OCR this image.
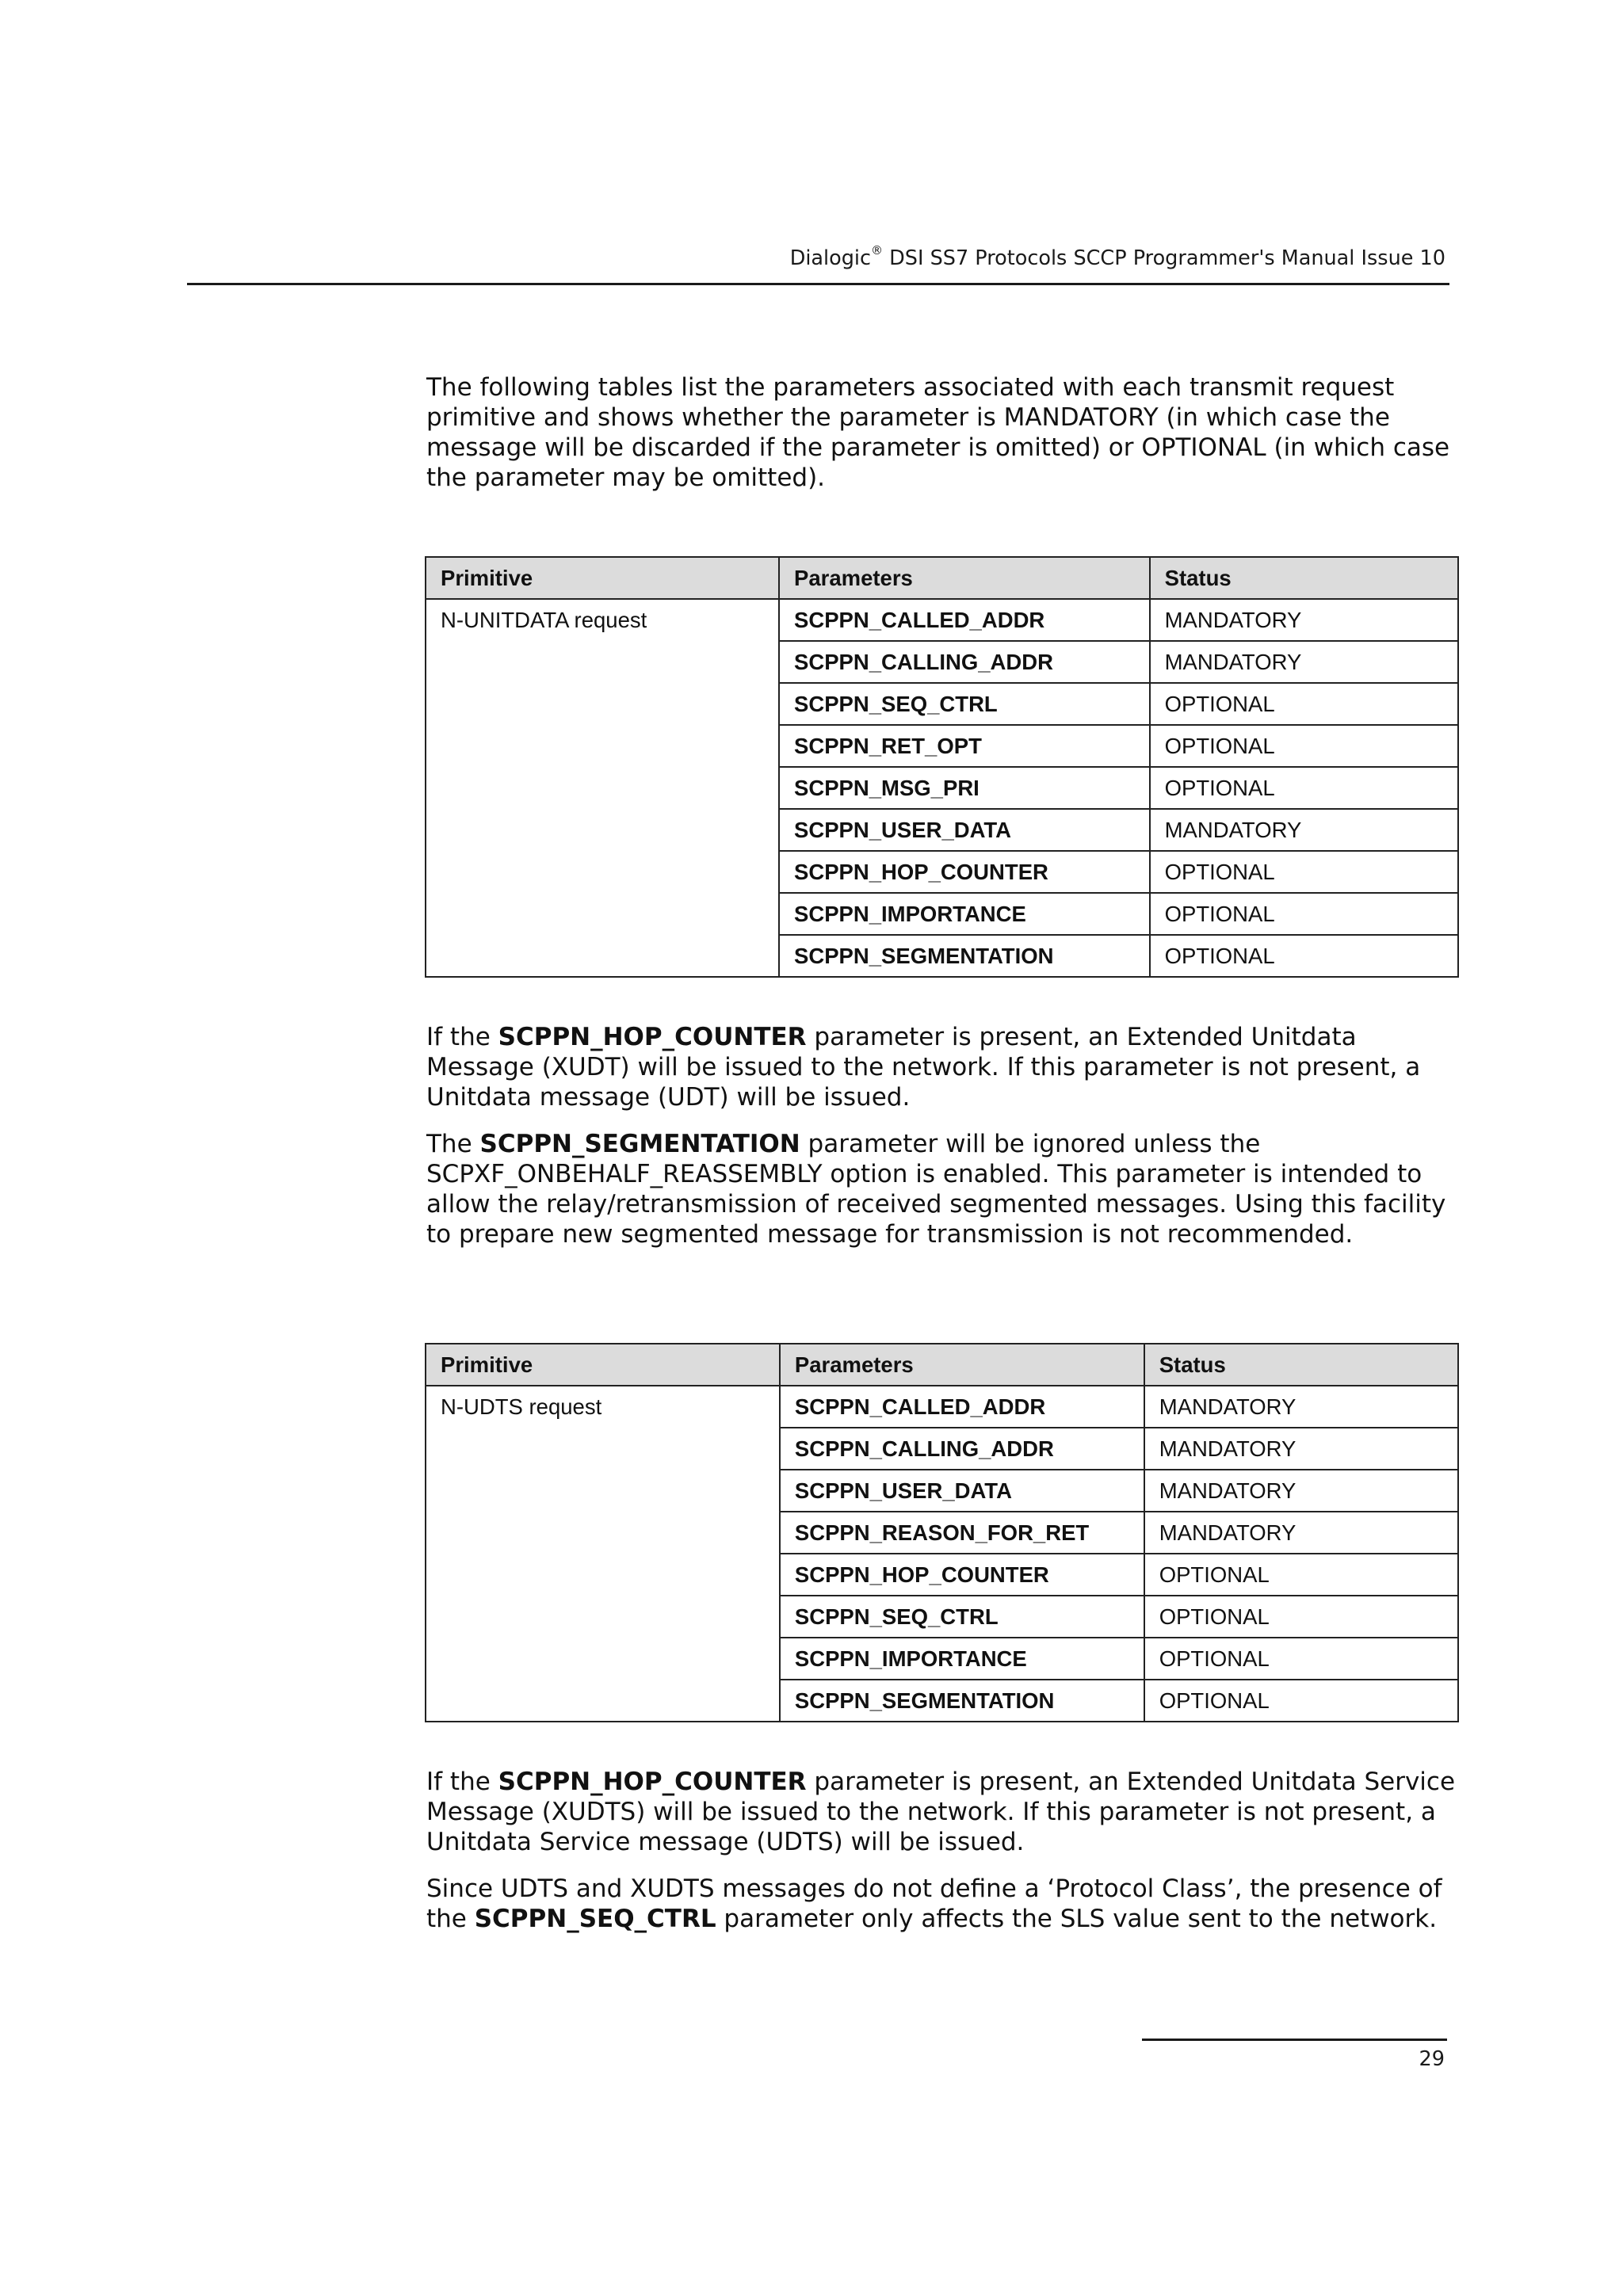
Dialogic® DSI SS7 Protocols SCCP Programmer's Manual Issue 10
The following tables list the parameters associated with each transmit request primitive and shows whether the parameter is MANDATORY (in which case the message will be discarded if the parameter is omitted) or OPTIONAL (in which case the parameter may be omitted).
Primitive	Parameters	Status
N-UNITDATA request	SCPPN_CALLED_ADDR	MANDATORY
	SCPPN_CALLING_ADDR	MANDATORY
	SCPPN_SEQ_CTRL	OPTIONAL
	SCPPN_RET_OPT	OPTIONAL
	SCPPN_MSG_PRI	OPTIONAL
	SCPPN_USER_DATA	MANDATORY
	SCPPN_HOP_COUNTER	OPTIONAL
	SCPPN_IMPORTANCE	OPTIONAL
	SCPPN_SEGMENTATION	OPTIONAL
If the SCPPN_HOP_COUNTER parameter is present, an Extended Unitdata Message (XUDT) will be issued to the network. If this parameter is not present, a Unitdata message (UDT) will be issued.
The SCPPN_SEGMENTATION parameter will be ignored unless the SCPXF_ONBEHALF_REASSEMBLY option is enabled. This parameter is intended to allow the relay/retransmission of received segmented messages. Using this facility to prepare new segmented message for transmission is not recommended.
Primitive	Parameters	Status
N-UDTS request	SCPPN_CALLED_ADDR	MANDATORY
	SCPPN_CALLING_ADDR	MANDATORY
	SCPPN_USER_DATA	MANDATORY
	SCPPN_REASON_FOR_RET	MANDATORY
	SCPPN_HOP_COUNTER	OPTIONAL
	SCPPN_SEQ_CTRL	OPTIONAL
	SCPPN_IMPORTANCE	OPTIONAL
	SCPPN_SEGMENTATION	OPTIONAL
If the SCPPN_HOP_COUNTER parameter is present, an Extended Unitdata Service Message (XUDTS) will be issued to the network. If this parameter is not present, a Unitdata Service message (UDTS) will be issued.
Since UDTS and XUDTS messages do not define a ‘Protocol Class’, the presence of the SCPPN_SEQ_CTRL parameter only affects the SLS value sent to the network.
29
